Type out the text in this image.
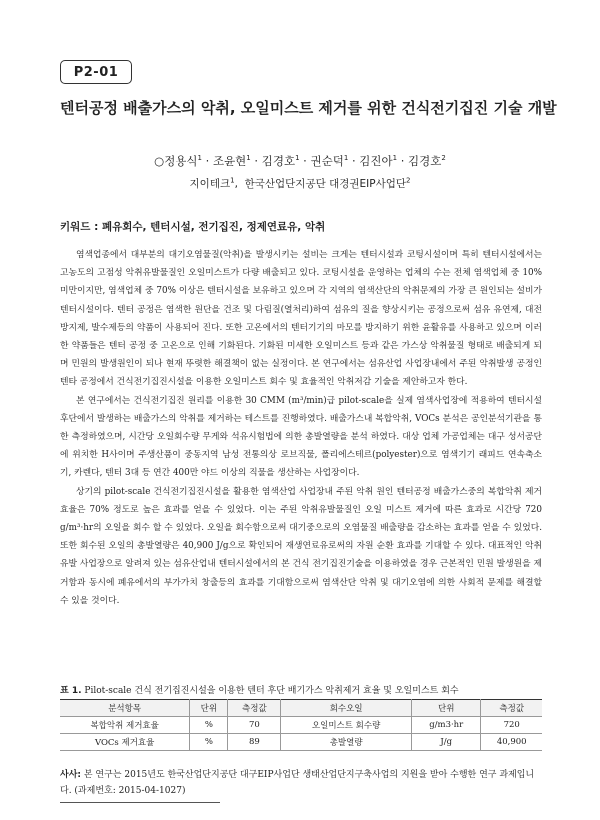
P2-01
텐터공정 배출가스의 악취, 오일미스트 제거를 위한 건식전기집진 기술 개발
○정용식$^1$ · 조윤현$^1$ · 김경호$^1$ · 권순덕$^1$ · 김진아$^1$ · 김경호$^2$
지이테크$^1$,  한국산업단지공단 대경권EIP사업단$^2$
키워드 : 폐유회수, 텐터시설, 전기집진, 정제연료유, 악취

염색업종에서 대부분의 대기오염물질(악취)을 발생시키는 설비는 크게는 텐터시설과 코팅시설이며 특히 텐터시설에서는 고농도의 고점성 악취유발물질인 오일미스트가 다량 배출되고 있다. 코팅시설을 운영하는 업체의 수는 전체 염색업체 중 10% 미만이지만, 염색업체 중 70% 이상은 텐터시설을 보유하고 있으며 각 지역의 염색산단의 악취문제의 가장 큰 원인되는 설비가 텐터시설이다. 텐터 공정은 염색한 원단을 건조 및 다림질(열처리)하여 섬유의 질을 향상시키는 공정으로써 섬유 유연제, 대전방지제, 발수제등의 약품이 사용되어 진다. 또한 고온에서의 텐터기기의 마모를 방지하기 위한 윤활유를 사용하고 있으며 이러한 약품들은 텐터 공정 중 고온으로 인해 기화된다. 기화된 미세한 오일미스트 등과 같은 가스상 악취물질 형태로 배출되게 되며 민원의 발생원인이 되나 현재 뚜렷한 해결책이 없는 실정이다. 본 연구에서는 섬유산업 사업장내에서 주된 악취발생 공정인 텐타 공정에서 건식전기집진시설을 이용한 오일미스트 회수 및 효율적인 악취저감 기술을 제안하고자 한다.

본 연구에서는 건식전기집진 원리를 이용한 30 CMM (m³/min)급 pilot-scale을 실제 염색사업장에 적용하여 텐터시설 후단에서 발생하는 배출가스의 악취를 제거하는 테스트를 진행하였다. 배출가스내 복합악취, VOCs 분석은 공인분석기관을 통한 측정하였으며, 시간당 오일회수량 무게와 석유시험법에 의한 총발열량을 분석 하였다. 대상 업체 가공업체는 대구 성서공단에 위치한 H사이며 주생산품이 중동지역 남성 전통의상 로브직물, 폴리에스테르(polyester)으로 염색기기 래피드 연속축소기, 카렌다, 텐터 3대 등 연간 400만 야드 이상의 직물을 생산하는 사업장이다.

상기의 pilot-scale 건식전기집진시설을 활용한 염색산업 사업장내 주된 악취 원인 텐터공정 배출가스중의 복합악취 제거효율은 70% 정도로 높은 효과를 얻을 수 있었다. 이는 주된 악취유발물질인 오일 미스트 제거에 따른 효과로 시간당 720 g/m³·hr의 오일을 회수 할 수 있었다. 오일을 회수함으로써 대기중으로의 오염물질 배출량을 감소하는 효과를 얻을 수 있었다. 또한 회수된 오일의 총발열량은 40,900 J/g으로 확인되어 재생연료유로써의 자원 순환 효과를 기대할 수 있다. 대표적인 악취유발 사업장으로 알려져 있는 섬유산업내 텐터시설에서의 본 건식 전기집진기술을 이용하였을 경우 근본적인 민원 발생원을 제거함과 동시에 폐유에서의 부가가치 창출등의 효과를 기대함으로써 염색산단 악취 및 대기오염에 의한 사회적 문제를 해결할 수 있을 것이다.

표 1. Pilot-scale 건식 전기집진시설을 이용한 텐터 후단 배기가스 악취제거 효율 및 오일미스트 회수
분석항목	단위	측정값	회수오일	단위	측정값
복합악취 제거효율	%	70	오일미스트 회수량	g/m3·hr	720
VOCs 제거효율	%	89	총발열량	J/g	40,900
사사: 본 연구는 2015년도 한국산업단지공단 대구EIP사업단 생태산업단지구축사업의 지원을 받아 수행한 연구 과제입니다. (과제번호: 2015-04-1027)
